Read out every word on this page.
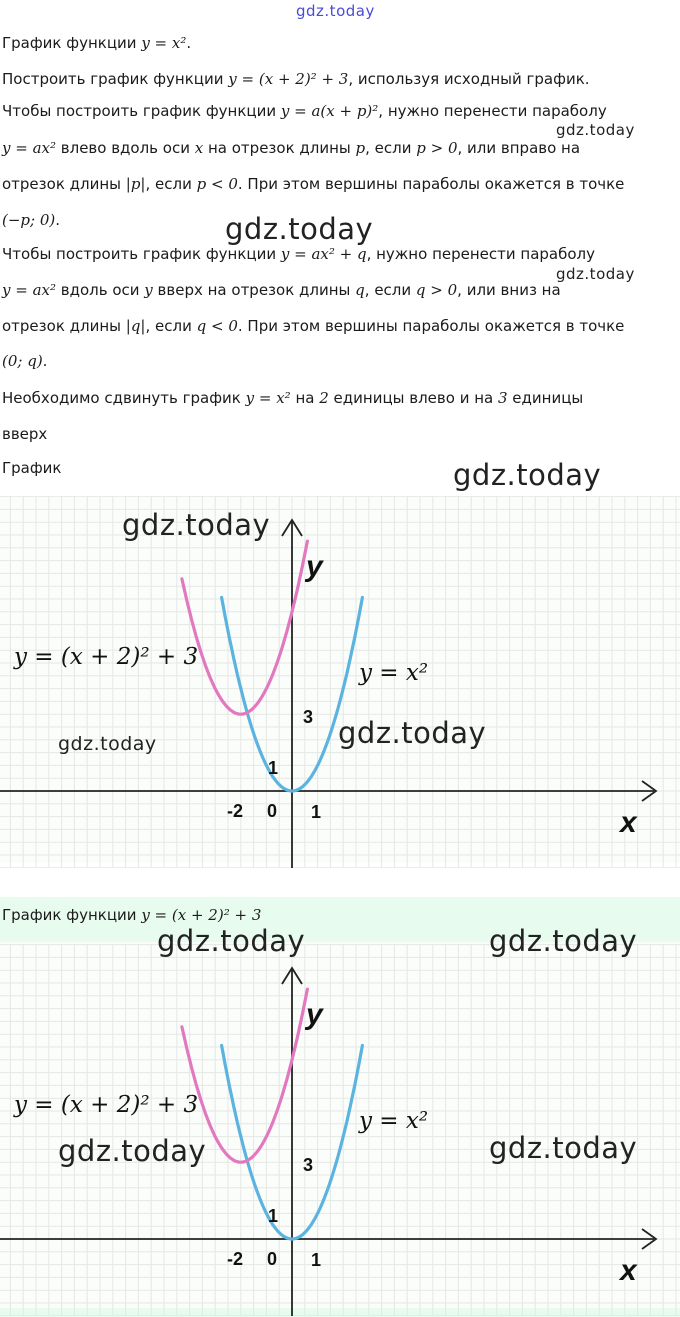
gdz.today
График функции y = x².
Построить график функции y = (x + 2)² + 3, используя исходный график.
Чтобы построить график функции y = a(x + p)², нужно перенести параболу
gdz.today
y = ax² влево вдоль оси x на отрезок длины p, если p > 0, или вправо на
отрезок длины |p|, если p < 0. При этом вершины параболы окажется в точке
(−p; 0).	gdz.today
Чтобы построить график функции y = ax² + q, нужно перенести параболу
gdz.today
y = ax² вдоль оси y вверх на отрезок длины q, если q > 0, или вниз на
отрезок длины |q|, если q < 0. При этом вершины параболы окажется в точке
(0; q).
Необходимо сдвинуть график y = x² на 2 единицы влево и на 3 единицы
вверх
График	gdz.today
y
x
-2 0 1
1
3
y = (x + 2)² + 3
y = x²
gdz.today
gdz.today
gdz.today
График функции y = (x + 2)² + 3
y
x
-2 0 1
1
3
y = (x + 2)² + 3
y = x²
gdz.today	gdz.today
gdz.today	gdz.today
